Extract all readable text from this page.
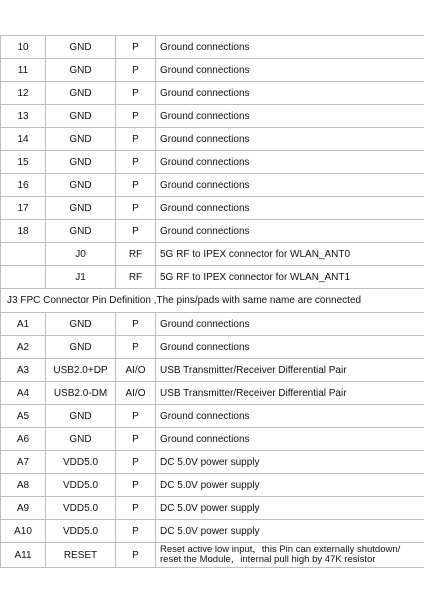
10	GND	P	Ground connections
11	GND	P	Ground connections
12	GND	P	Ground connections
13	GND	P	Ground connections
14	GND	P	Ground connections
15	GND	P	Ground connections
16	GND	P	Ground connections
17	GND	P	Ground connections
18	GND	P	Ground connections
	J0	RF	5G RF to IPEX connector for WLAN_ANT0
	J1	RF	5G RF to IPEX connector for WLAN_ANT1
J3 FPC Connector Pin Definition ,The pins/pads with same name are connected			
A1	GND	P	Ground connections
A2	GND	P	Ground connections
A3	USB2.0+DP	AI/O	USB Transmitter/Receiver Differential Pair
A4	USB2.0-DM	AI/O	USB Transmitter/Receiver Differential Pair
A5	GND	P	Ground connections
A6	GND	P	Ground connections
A7	VDD5.0	P	DC 5.0V power supply
A8	VDD5.0	P	DC 5.0V power supply
A9	VDD5.0	P	DC 5.0V power supply
A10	VDD5.0	P	DC 5.0V power supply
A11	RESET	P	Reset active low input，this Pin can externally shutdown/ reset the Module，internal pull high by 47K resistor
